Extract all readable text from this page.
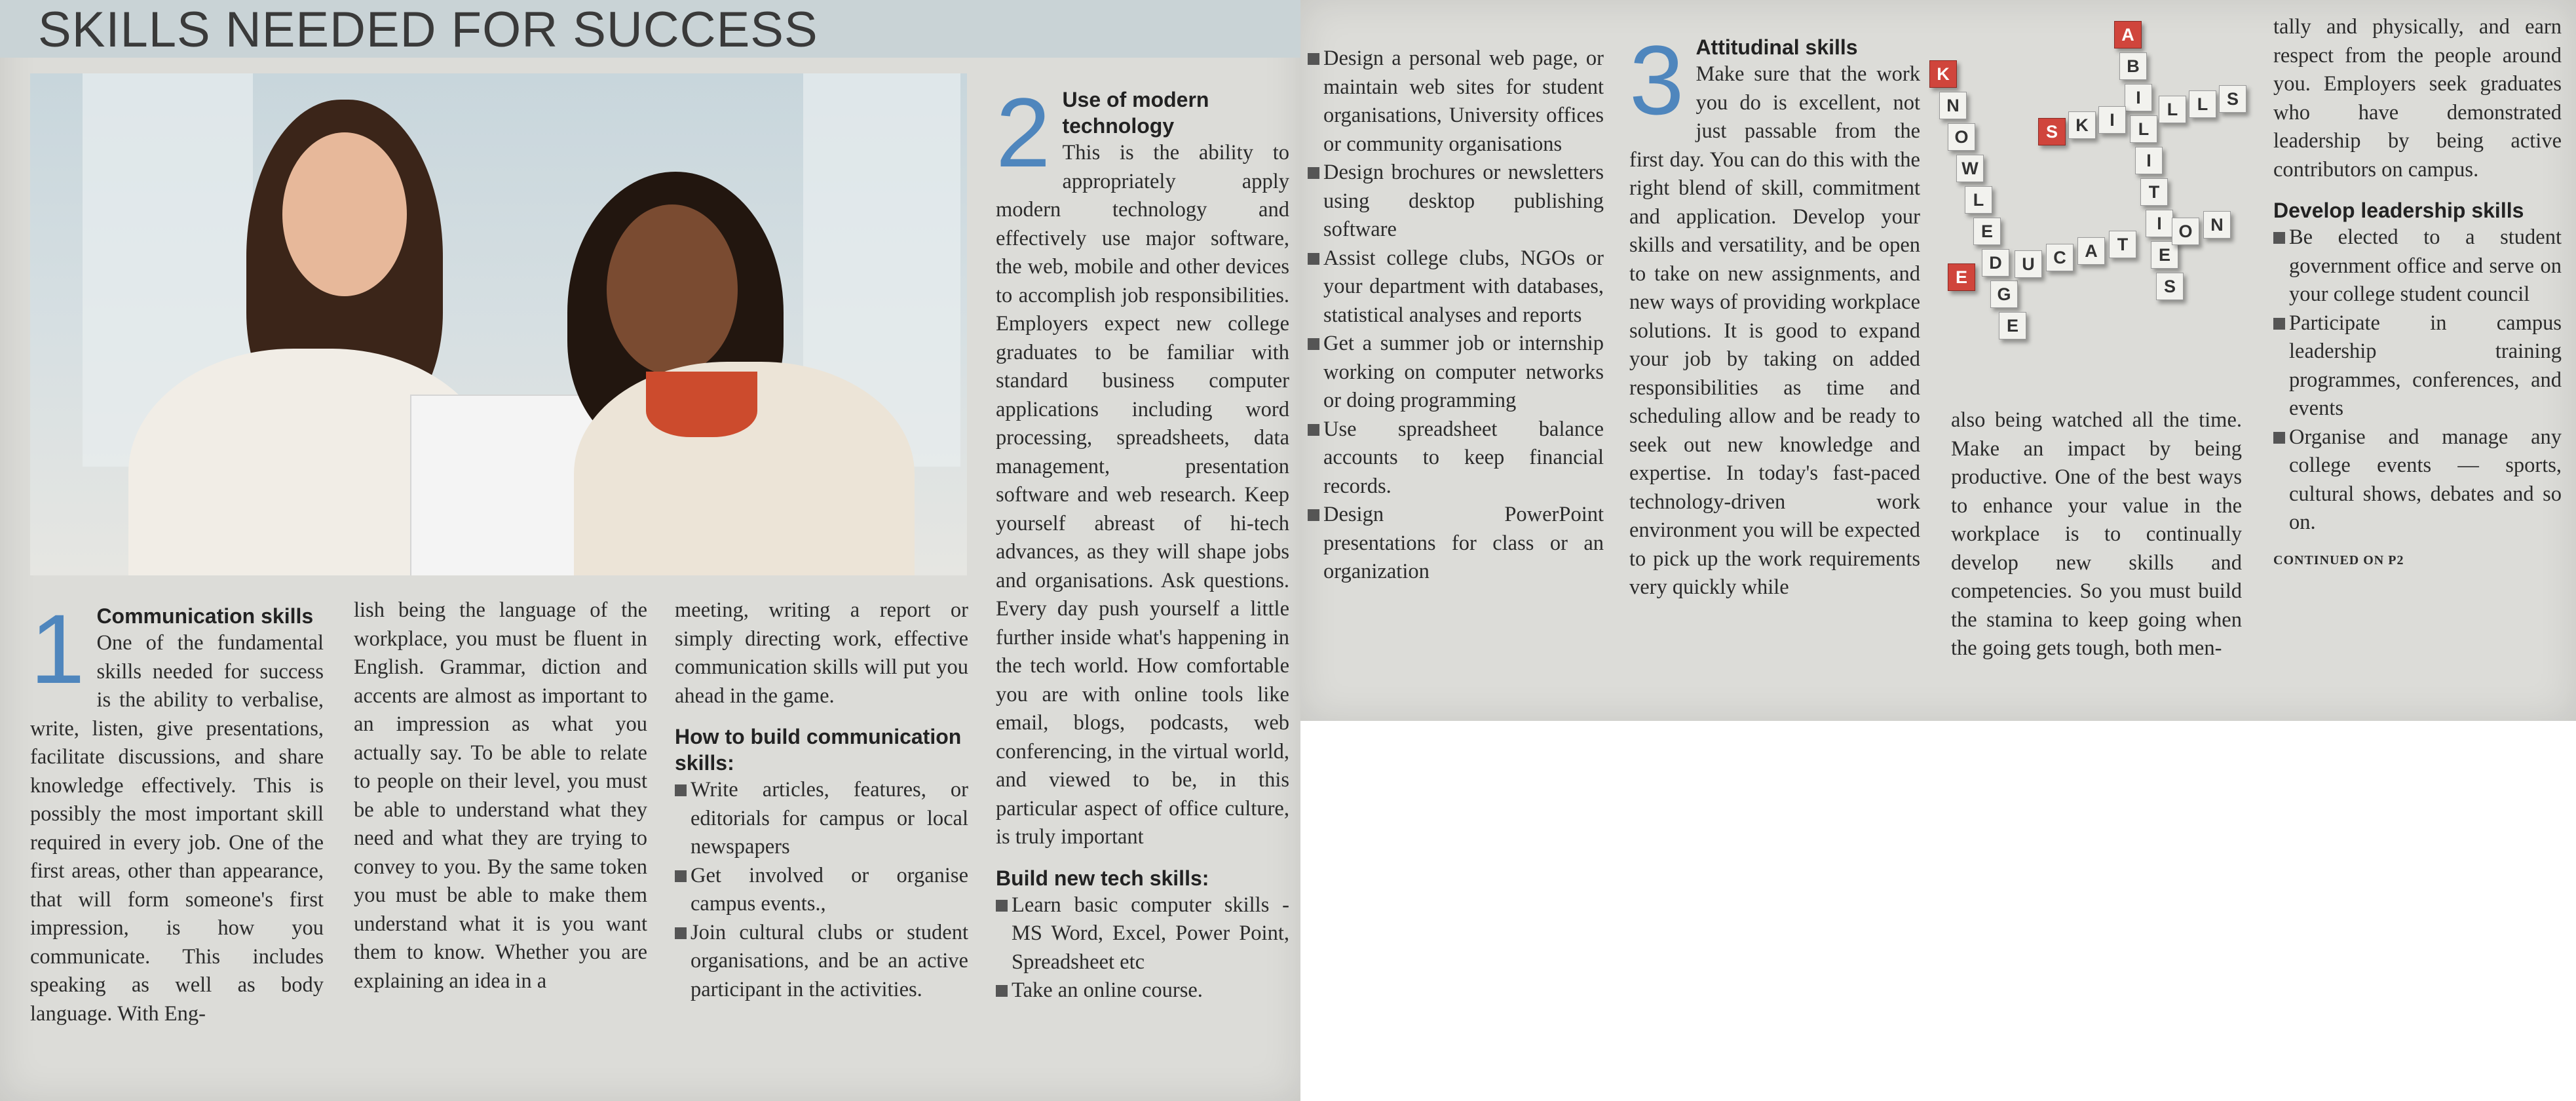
SKILLS NEEDED FOR SUCCESS
1 Communication skills

One of the fundamental skills needed for success is the ability to verbalise, write, listen, give presentations, facilitate discussions, and share knowledge effectively. This is possibly the most important skill required in every job. One of the first areas, other than appearance, that will form someone's first impression, is how you communicate. This includes speaking as well as body language. With Eng-

lish being the language of the workplace, you must be fluent in English. Grammar, diction and accents are almost as important to an impression as what you actually say. To be able to relate to people on their level, you must be able to understand what they need and what they are trying to convey to you. By the same token you must be able to make them understand what it is you want them to know. Whether you are explaining an idea in a

meeting, writing a report or simply directing work, effective communication skills will put you ahead in the game.

How to build communication skills:
Write articles, features, or editorials for campus or local newspapers
Get involved or organise campus events.,
Join cultural clubs or student organisations, and be an active participant in the activities.
2 Use of modern technology

This is the ability to appropriately apply modern technology and effectively use major software, the web, mobile and other devices to accomplish job responsibilities. Employers expect new college graduates to be familiar with standard business computer applications including word processing, spreadsheets, data management, presentation software and web research. Keep yourself abreast of hi-tech advances, as they will shape jobs and organisations. Ask questions. Every day push yourself a little further inside what's happening in the tech world. How comfortable you are with online tools like email, blogs, podcasts, web conferencing, in the virtual world, and viewed to be, in this particular aspect of office culture, is truly important

Build new tech skills:
Learn basic computer skills - MS Word, Excel, Power Point, Spreadsheet etc
Take an online course.
Design a personal web page, or maintain web sites for student organisations, University offices or community organisations
Design brochures or newsletters using desktop publishing software
Assist college clubs, NGOs or your department with databases, statistical analyses and reports
Get a summer job or internship working on computer networks or doing programming
Use spreadsheet balance accounts to keep financial records.
Design PowerPoint presentations for class or an organization
3 Attitudinal skills

Make sure that the work you do is excellent, not just passable from the first day. You can do this with the right blend of skill, commitment and application. Develop your skills and versatility, and be open to take on new assignments, and new ways of providing workplace solutions. It is good to expand your job by taking on added responsibilities as time and scheduling allow and be ready to seek out new knowledge and expertise. In today's fast-paced technology-driven work environment you will be expected to pick up the work requirements very quickly while

also being watched all the time. Make an impact by being productive. One of the best ways to enhance your value in the workplace is to continually develop new skills and competencies. So you must build the stamina to keep going when the going gets tough, both men-

tally and physically, and earn respect from the people around you. Employers seek graduates who have demonstrated leadership by being active contributors on campus.

Develop leadership skills
Be elected to a student government office and serve on your college student council
Participate in campus leadership training programmes, conferences, and events
Organise and manage any college events — sports, cultural shows, debates and so on.
CONTINUED ON P2
K
N
O
W
L
E
D
G
E
A
B
I
L
I
T
I
E
S
S	K	I
L	L	S
E
U	C	A	T
O	N
